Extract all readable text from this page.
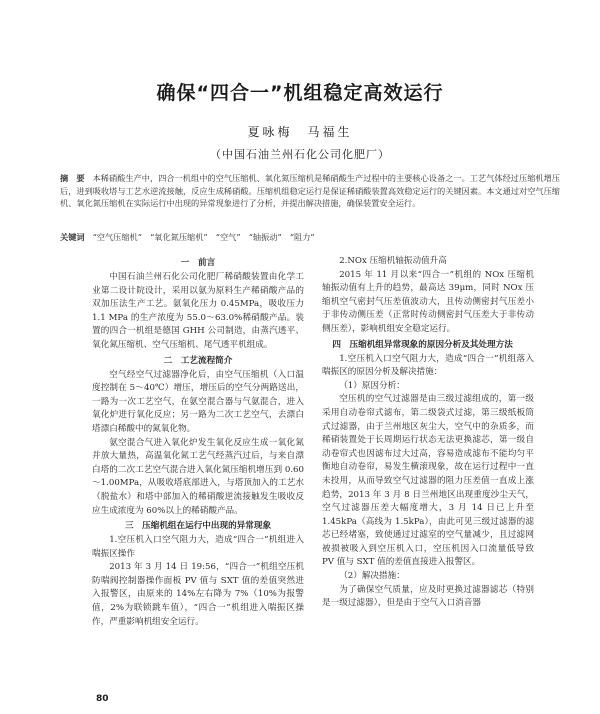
确保“四合一”机组稳定高效运行
夏咏梅　马福生
（中国石油兰州石化公司化肥厂）
摘　要 本稀硝酸生产中，四合一机组中的空气压缩机、氧化氮压缩机是稀硝酸生产过程中的主要核心设备之一。工艺气体经过压缩机增压后，进到吸收塔与工艺水逆流接触，反应生成稀硝酸。压缩机组稳定运行是保证稀硝酸装置高效稳定运行的关键因素。本文通过对空气压缩机、氧化氮压缩机在实际运行中出现的异常现象进行了分析，并提出解决措施，确保装置安全运行。
关键词 “空气压缩机”　“氧化氮压缩机”　“空气”　“轴振动”　“阻力”
一　前言

中国石油兰州石化公司化肥厂稀硝酸装置由化学工业第二设计院设计，采用以氨为原料生产稀硝酸产品的双加压法生产工艺。氨氧化压力 0.45MPa，吸收压力 1.1 MPa 的生产浓度为 55.0～63.0%稀硝酸产品。装置的四合一机组是德国 GHH 公司制造，由蒸汽透平、氧化氮压缩机、空气压缩机、尾气透平机组成。

二　工艺流程简介

空气经空气过滤器净化后，由空气压缩机（入口温度控制在 5～40℃）增压，增压后的空气分两路送出，一路为一次工艺空气，在氨空混合器与气氨混合，进入氧化炉进行氧化反应；另一路为二次工艺空气，去漂白塔漂白稀酸中的氮氧化物。

氨空混合气进入氧化炉发生氧化反应生成一氧化氮并放大量热，高温氧化氮工艺气经蒸汽过后，与来自漂白塔的二次工艺空气混合进入氧化氮压缩机增压到 0.60～1.00MPa，从吸收塔底部进入，与塔顶加入的工艺水（脱盐水）和塔中部加入的稀硝酸逆流接触发生吸收反应生成浓度为 60%以上的稀硝酸产品。

三　压缩机组在运行中出现的异常现象

1.空压机入口空气阻力大，造成“四合一”机组进入喘振区操作

2013 年 3 月 14 日 19:56，“四合一”机组空压机防喘阀控制器操作面板 PV 值与 SXT 值的差值突然进入报警区，由原来的 14%左右降为 7%（10%为报警值，2%为联锁跳车值），“四合一”机组进入喘振区操作，严重影响机组安全运行。

2.NOx 压缩机轴振动值升高

2015 年 11 月以来“四合一”机组的 NOx 压缩机轴振动值有上升的趋势，最高达 39μm，同时 NOx 压缩机空气密封气压差值波动大，且传动侧密封气压差小于非传动侧压差（正常时传动侧密封气压差大于非传动侧压差），影响机组安全稳定运行。

四　压缩机组异常现象的原因分析及其处理方法

1.空压机入口空气阻力大，造成“四合一”机组落入喘振区的原因分析及解决措施：

（1）原因分析：

空压机的空气过滤器是由三级过滤组成的，第一级采用自动卷帘式滤布，第二级袋式过滤，第三级纸板筒式过滤器，由于兰州地区灰尘大，空气中的杂质多，而稀硝装置处于长周期运行状态无法更换滤芯，第一级自动卷帘式也因滤布过大过高，容易造成滤布不能均匀平衡地自动卷帘，易发生横滚现象，故在运行过程中一直未投用，从而导致空气过滤器的阻力压差值一直成上涨趋势，2013 年 3 月 8 日兰州地区出现重度沙尘天气，空气过滤器压差大幅度增大，3 月 14 日已上升至 1.45kPa（高线为 1.5kPa），由此可见三级过滤器的滤芯已经堵塞，致使通过过滤室的空气量减少，且过滤网被损被吸入到空压机入口，空压机因入口流量低导致 PV 值与 SXT 值的差值直接进入报警区。

（2）解决措施：

为了确保空气质量，应及时更换过滤器滤芯（特别是一级过滤器），但是由于空气入口消音器

80
